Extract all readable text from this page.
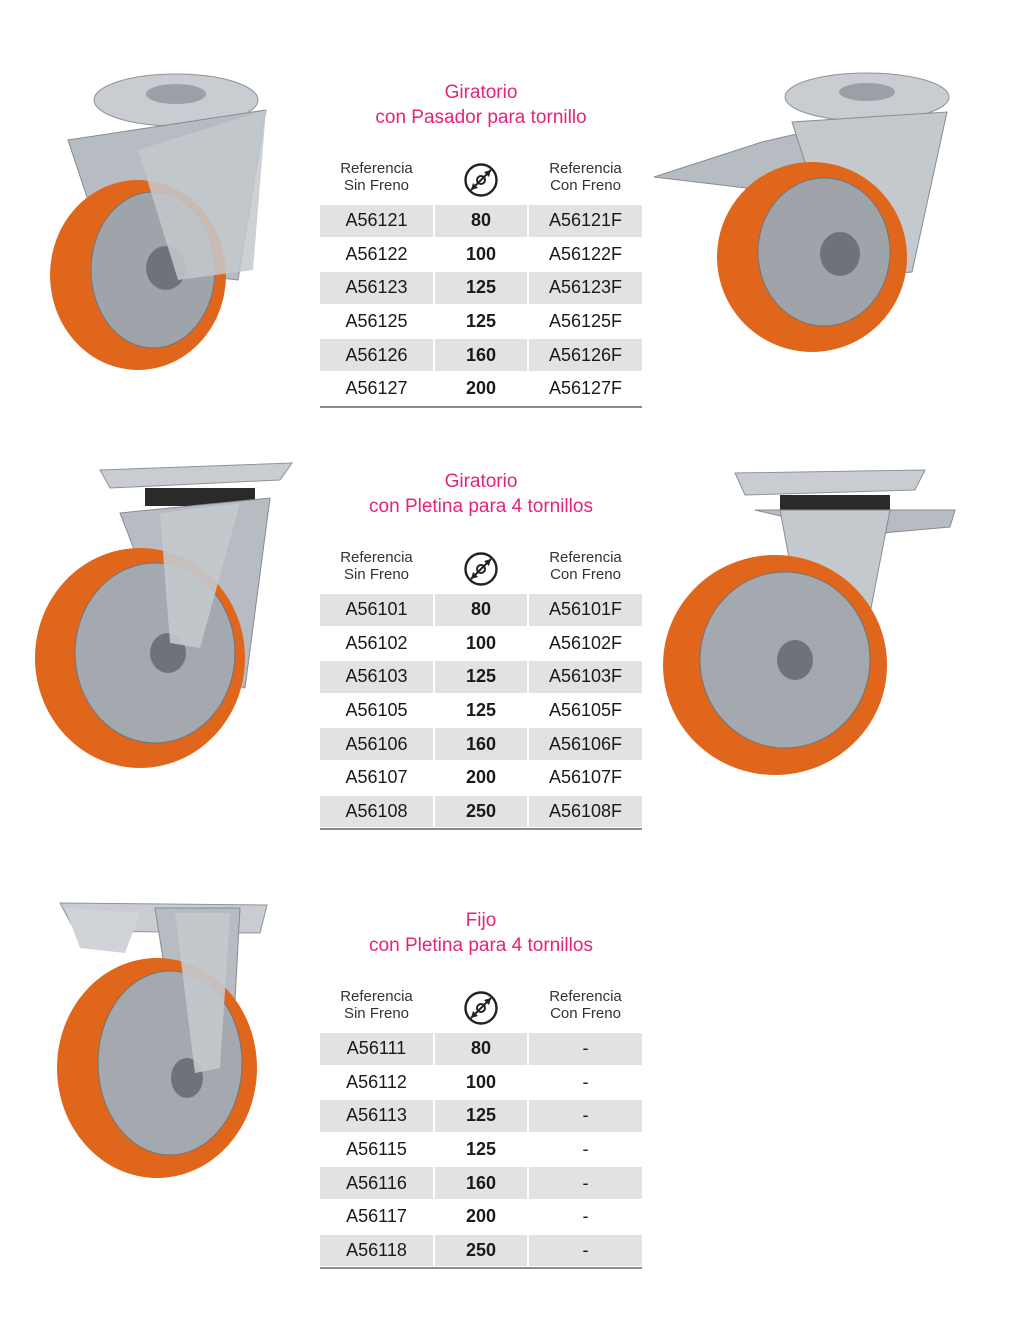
Giratorio
con Pasador para tornillo
Referencia
Sin Freno
Referencia
Con Freno
A56121	80	A56121F
A56122	100	A56122F
A56123	125	A56123F
A56125	125	A56125F
A56126	160	A56126F
A56127	200	A56127F
Giratorio
con Pletina para 4 tornillos
Referencia
Sin Freno
Referencia
Con Freno
A56101	80	A56101F
A56102	100	A56102F
A56103	125	A56103F
A56105	125	A56105F
A56106	160	A56106F
A56107	200	A56107F
A56108	250	A56108F
Fijo
con Pletina para 4 tornillos
Referencia
Sin Freno
Referencia
Con Freno
A56111	80	-
A56112	100	-
A56113	125	-
A56115	125	-
A56116	160	-
A56117	200	-
A56118	250	-
